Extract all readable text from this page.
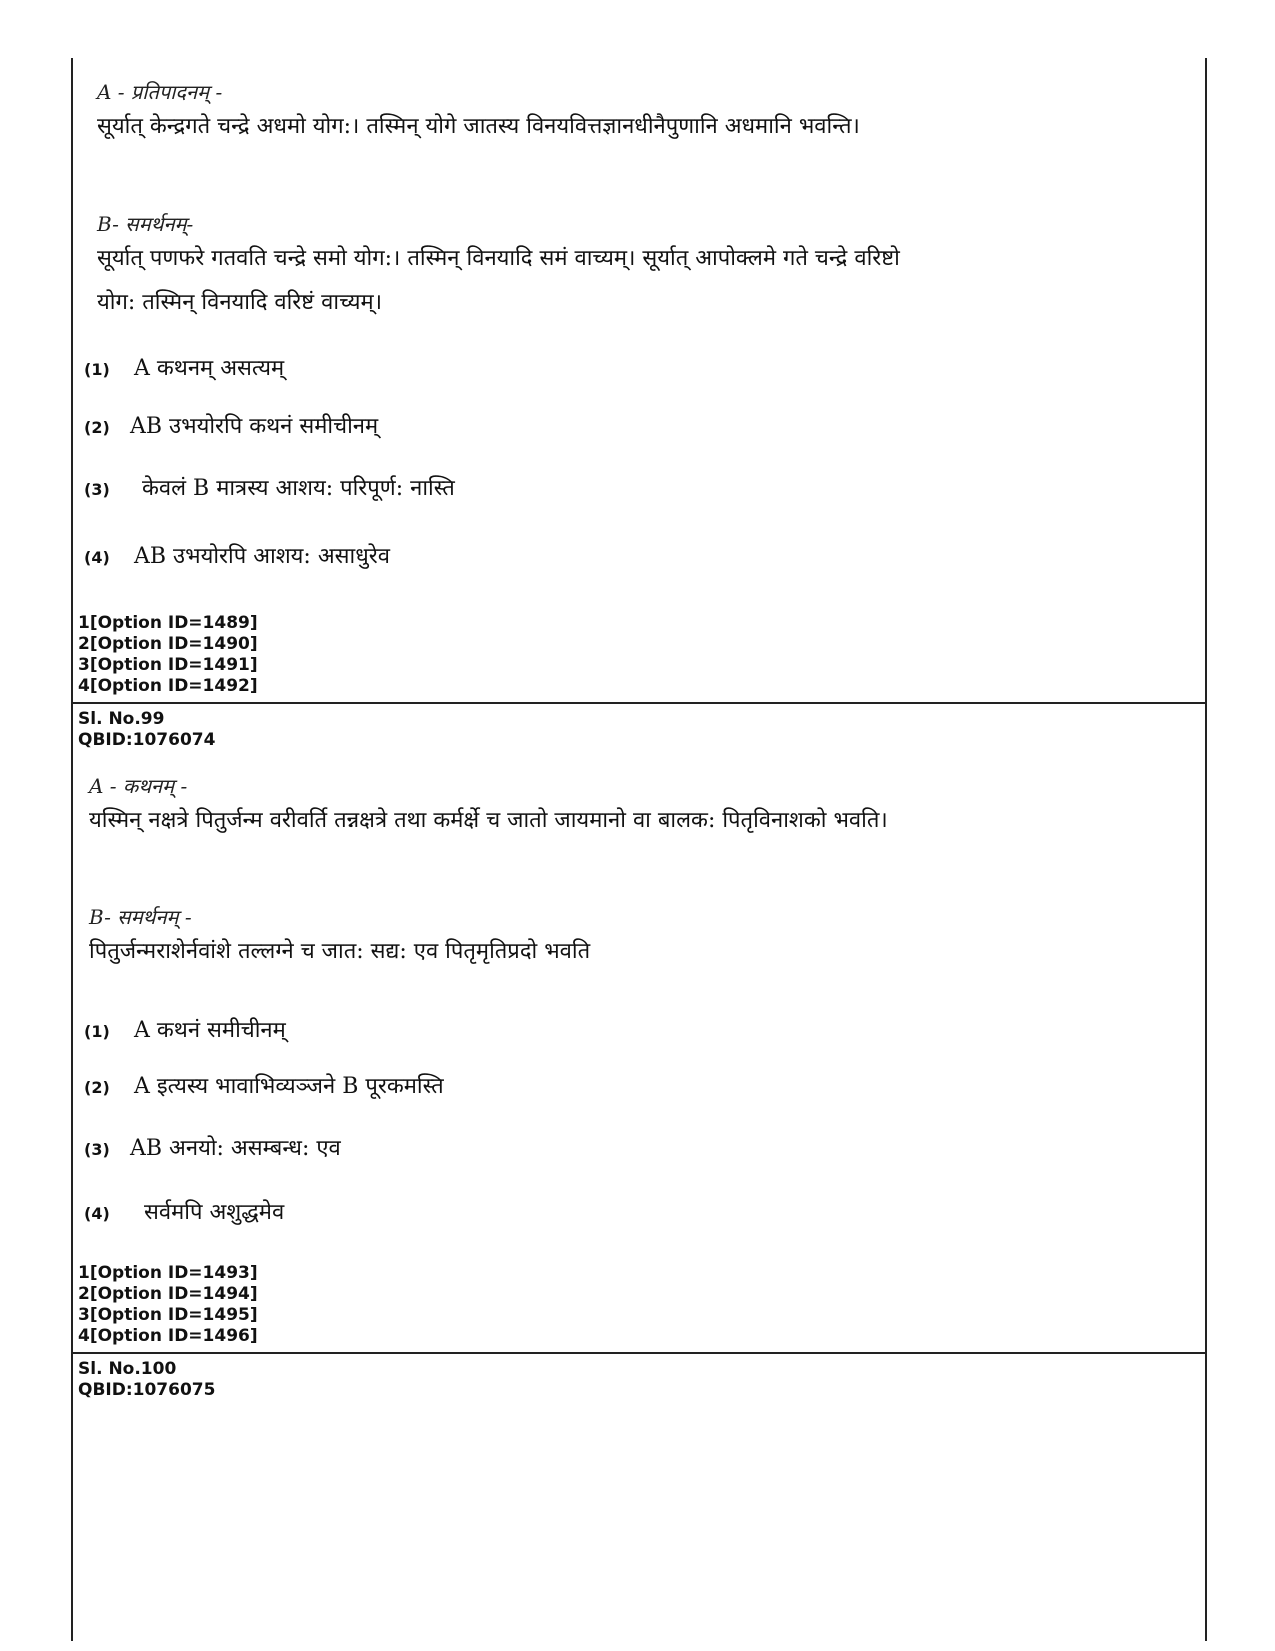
A - प्रतिपादनम् -
सूर्यात् केन्द्रगते चन्द्रे अधमो योग:। तस्मिन् योगे जातस्य विनयवित्तज्ञानधीनैपुणानि अधमानि भवन्ति।
B- समर्थनम्-
सूर्यात् पणफरे गतवति चन्द्रे समो योग:। तस्मिन् विनयादि समं वाच्यम्। सूर्यात् आपोक्लमे गते चन्द्रे वरिष्टो योग: तस्मिन् विनयादि वरिष्टं वाच्यम्।
(1) A कथनम् असत्यम्
(2) AB उभयोरपि कथनं समीचीनम्
(3) केवलं B मात्रस्य आशय: परिपूर्ण: नास्ति
(4) AB उभयोरपि आशय: असाधुरेव
1[Option ID=1489]
2[Option ID=1490]
3[Option ID=1491]
4[Option ID=1492]
Sl. No.99
QBID:1076074
A - कथनम् -
यस्मिन् नक्षत्रे पितुर्जन्म वरीवर्ति तन्नक्षत्रे तथा कर्मर्क्षे च जातो जायमानो वा बालक: पितृविनाशको भवति।
B- समर्थनम् -
पितुर्जन्मराशेर्नवांशे तल्लग्ने च जात: सद्य: एव पितृमृतिप्रदो भवति
(1) A कथनं समीचीनम्
(2) A इत्यस्य भावाभिव्यञ्जने B पूरकमस्ति
(3) AB अनयो: असम्बन्ध: एव
(4) सर्वमपि अशुद्धमेव
1[Option ID=1493]
2[Option ID=1494]
3[Option ID=1495]
4[Option ID=1496]
Sl. No.100
QBID:1076075
